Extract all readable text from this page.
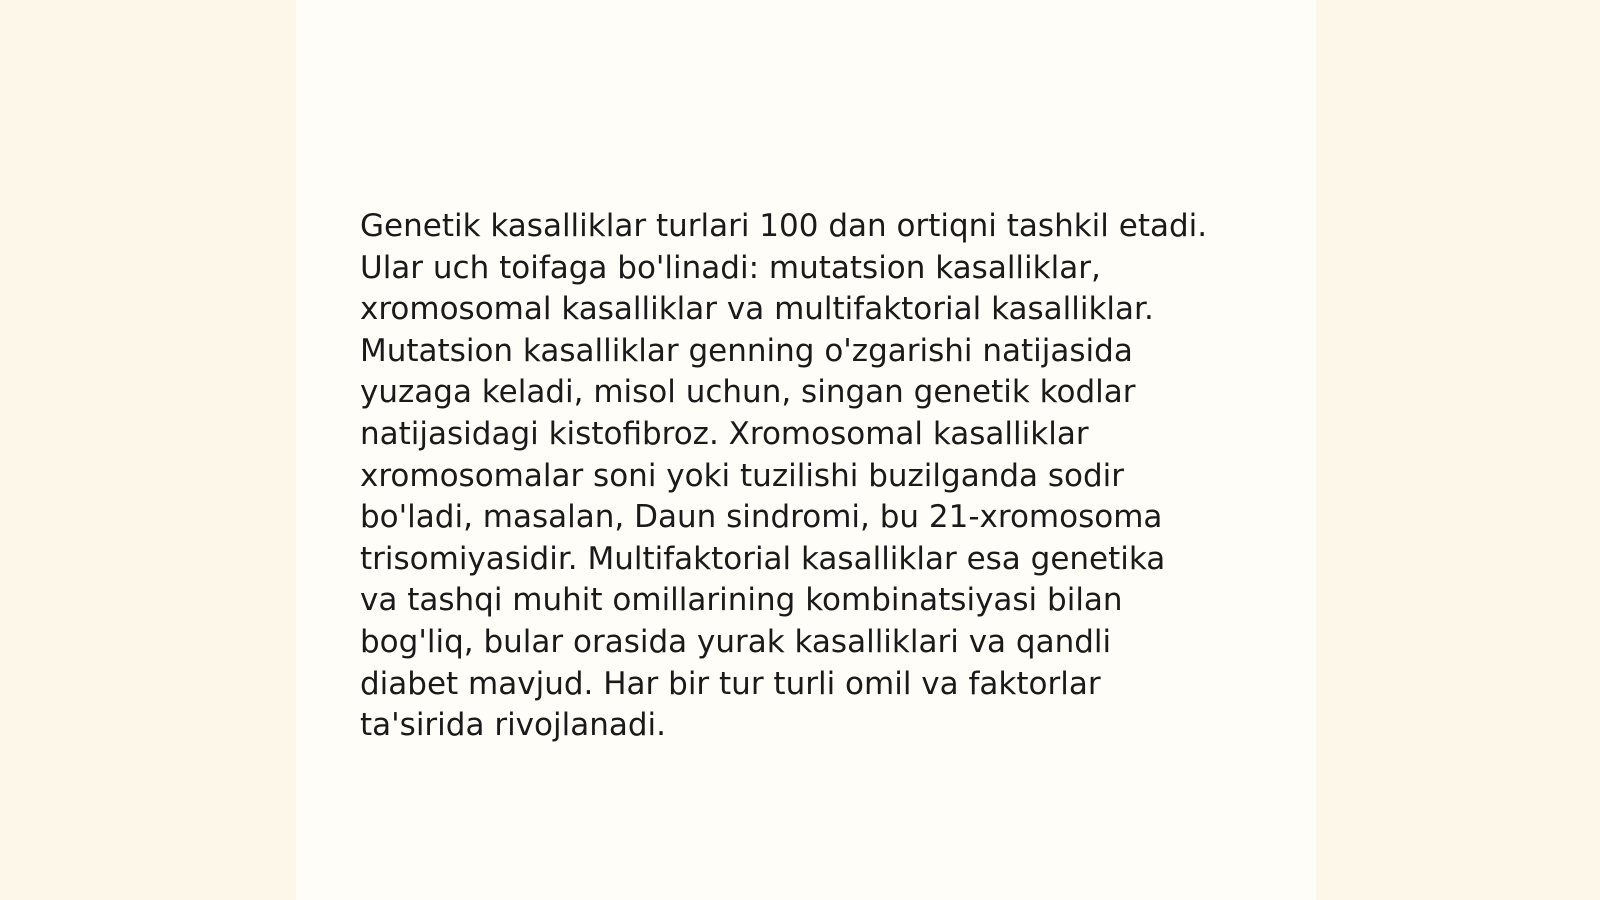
Genetik kasalliklar turlari 100 dan ortiqni tashkil etadi.
Ular uch toifaga bo'linadi: mutatsion kasalliklar,
xromosomal kasalliklar va multifaktorial kasalliklar.
Mutatsion kasalliklar genning o'zgarishi natijasida
yuzaga keladi, misol uchun, singan genetik kodlar
natijasidagi kistofibroz. Xromosomal kasalliklar
xromosomalar soni yoki tuzilishi buzilganda sodir
bo'ladi, masalan, Daun sindromi, bu 21-xromosoma
trisomiyasidir. Multifaktorial kasalliklar esa genetika
va tashqi muhit omillarining kombinatsiyasi bilan
bog'liq, bular orasida yurak kasalliklari va qandli
diabet mavjud. Har bir tur turli omil va faktorlar
ta'sirida rivojlanadi.
